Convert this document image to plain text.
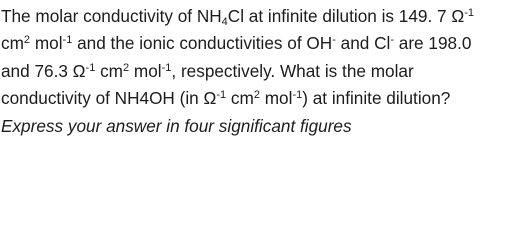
The molar conductivity of $NH_4Cl$ at infinite dilution is 149. 7 $\Omega^{-1}$
$cm^2$ mol$^{-1}$ and the ionic conductivities of OH- and Cl- are 198.0
and 76.3 $\Omega^{-1}$ $cm^2$ mol$^{-1}$, respectively. What is the molar
conductivity of NH4OH (in $\Omega^{-1}$ $cm^2$ mol$^{-1}$) at infinite dilution?
Express your answer in four significant figures
